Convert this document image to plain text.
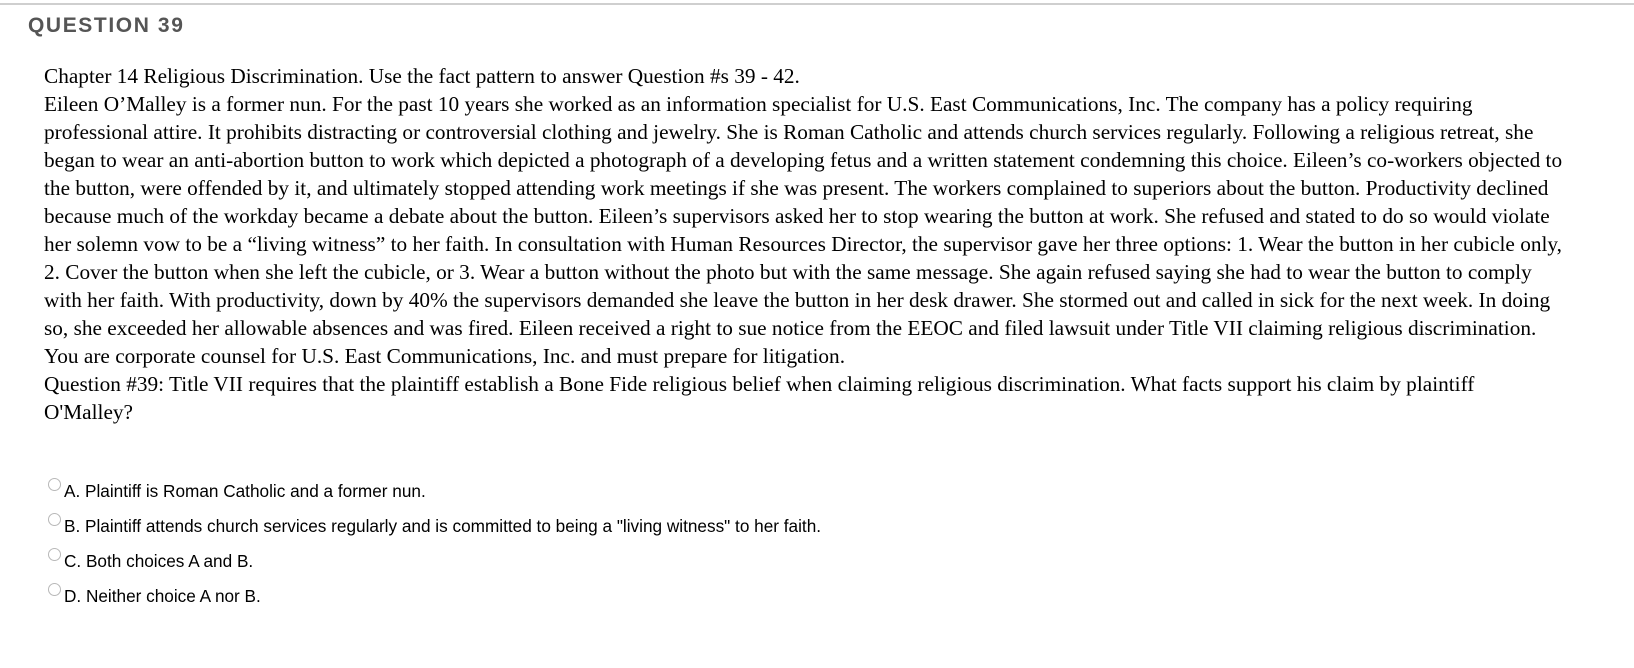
QUESTION 39

Chapter 14 Religious Discrimination. Use the fact pattern to answer Question #s 39 - 42.

Eileen O’Malley is a former nun. For the past 10 years she worked as an information specialist for U.S. East Communications, Inc. The company has a policy requiring professional attire. It prohibits distracting or controversial clothing and jewelry. She is Roman Catholic and attends church services regularly. Following a religious retreat, she began to wear an anti-abortion button to work which depicted a photograph of a developing fetus and a written statement condemning this choice. Eileen’s co-workers objected to the button, were offended by it, and ultimately stopped attending work meetings if she was present. The workers complained to superiors about the button. Productivity declined because much of the workday became a debate about the button. Eileen’s supervisors asked her to stop wearing the button at work. She refused and stated to do so would violate her solemn vow to be a “living witness” to her faith. In consultation with Human Resources Director, the supervisor gave her three options: 1. Wear the button in her cubicle only, 2. Cover the button when she left the cubicle, or 3. Wear a button without the photo but with the same message. She again refused saying she had to wear the button to comply with her faith. With productivity, down by 40% the supervisors demanded she leave the button in her desk drawer. She stormed out and called in sick for the next week. In doing so, she exceeded her allowable absences and was fired. Eileen received a right to sue notice from the EEOC and filed lawsuit under Title VII claiming religious discrimination. You are corporate counsel for U.S. East Communications, Inc. and must prepare for litigation.

Question #39: Title VII requires that the plaintiff establish a Bone Fide religious belief when claiming religious discrimination. What facts support his claim by plaintiff O'Malley?

A. Plaintiff is Roman Catholic and a former nun.
B. Plaintiff attends church services regularly and is committed to being a "living witness" to her faith.
C. Both choices A and B.
D. Neither choice A nor B.
